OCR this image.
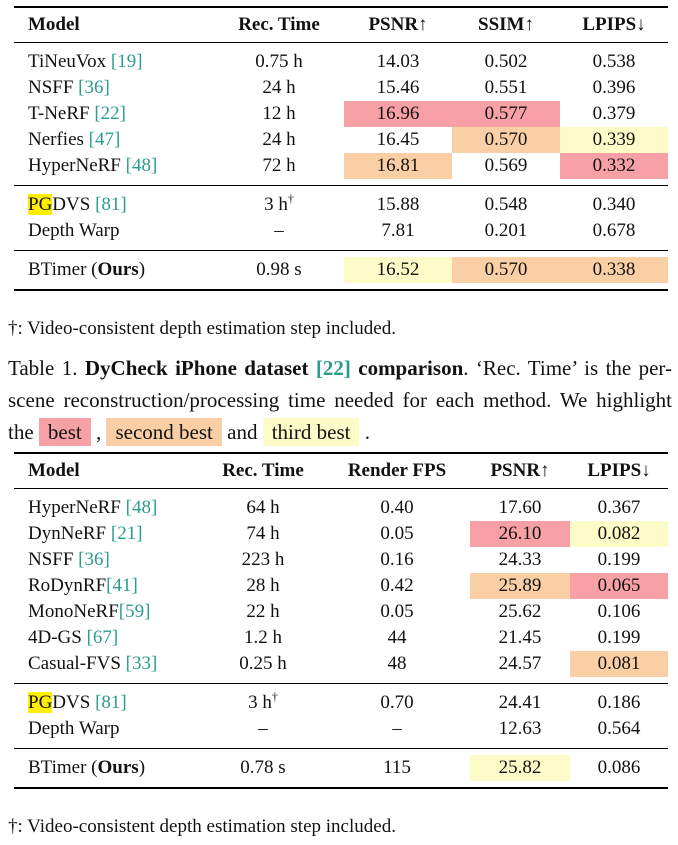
Model	Rec. Time	PSNR↑	SSIM↑	LPIPS↓

TiNeuVox [19]	0.75 h	14.03	0.502	0.538
NSFF [36]	24 h	15.46	0.551	0.396
T-NeRF [22]	12 h	16.96	0.577	0.379
Nerfies [47]	24 h	16.45	0.570	0.339
HyperNeRF [48]	72 h	16.81	0.569	0.332

PGDVS [81]	3 h†	15.88	0.548	0.340
Depth Warp	–	7.81	0.201	0.678

BTimer (Ours)	0.98 s	16.52	0.570	0.338

†: Video-consistent depth estimation step included.
Table 1. DyCheck iPhone dataset [22] comparison. ‘Rec. Time’ is the per-scene reconstruction/processing time needed for each method. We highlight the best , second best and third best .
Model	Rec. Time	Render FPS	PSNR↑	LPIPS↓

HyperNeRF [48]	64 h	0.40	17.60	0.367
DynNeRF [21]	74 h	0.05	26.10	0.082
NSFF [36]	223 h	0.16	24.33	0.199
RoDynRF[41]	28 h	0.42	25.89	0.065
MonoNeRF[59]	22 h	0.05	25.62	0.106
4D-GS [67]	1.2 h	44	21.45	0.199
Casual-FVS [33]	0.25 h	48	24.57	0.081

PGDVS [81]	3 h†	0.70	24.41	0.186
Depth Warp	–	–	12.63	0.564

BTimer (Ours)	0.78 s	115	25.82	0.086

†: Video-consistent depth estimation step included.
